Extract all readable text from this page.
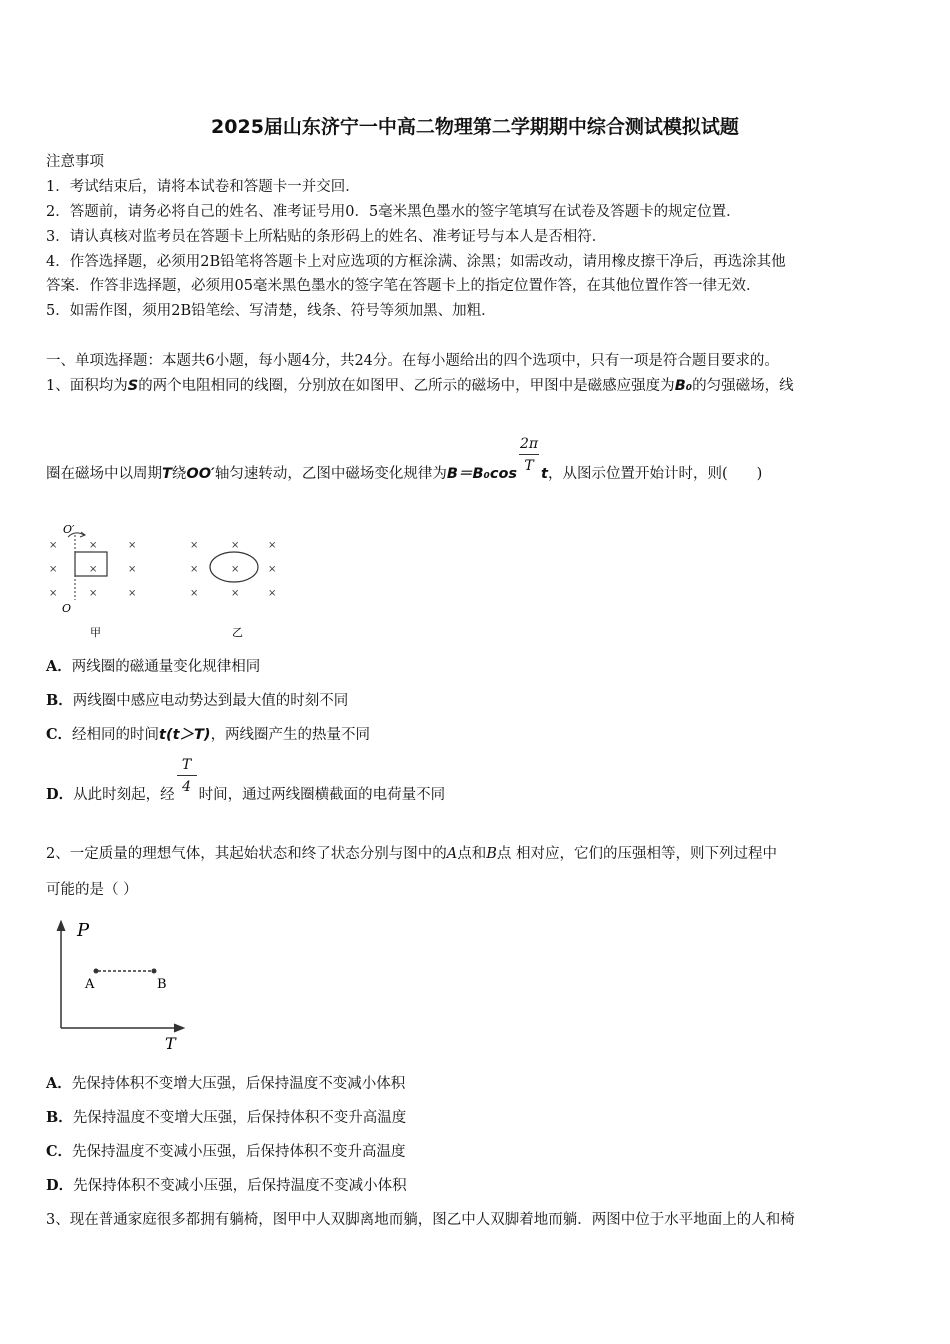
2025届山东济宁一中高二物理第二学期期中综合测试模拟试题
注意事项
1．考试结束后，请将本试卷和答题卡一并交回．
2．答题前，请务必将自己的姓名、准考证号用0．5毫米黑色墨水的签字笔填写在试卷及答题卡的规定位置．
3．请认真核对监考员在答题卡上所粘贴的条形码上的姓名、准考证号与本人是否相符．
4．作答选择题，必须用2B铅笔将答题卡上对应选项的方框涂满、涂黑；如需改动，请用橡皮擦干净后，再选涂其他
答案．作答非选择题，必须用05毫米黑色墨水的签字笔在答题卡上的指定位置作答，在其他位置作答一律无效．
5．如需作图，须用2B铅笔绘、写清楚，线条、符号等须加黑、加粗．
一、单项选择题：本题共6小题，每小题4分，共24分。在每小题给出的四个选项中，只有一项是符合题目要求的。
1、面积均为S的两个电阻相同的线圈，分别放在如图甲、乙所示的磁场中，甲图中是磁感应强度为B₀的匀强磁场，线
圈在磁场中以周期T绕OO′轴匀速转动，乙图中磁场变化规律为$B=B_0\cos \frac{2\pi}{T}$ t，从图示位置开始计时，则(　　)
×	×	×
×	×	×
×	×	×
×	×	×
×	×	×
×	×	×
O′
O
甲	乙
A．两线圈的磁通量变化规律相同
B．两线圈中感应电动势达到最大值的时刻不同
C．经相同的时间t(t＞T)，两线圈产生的热量不同
D．从此时刻起，经 $\frac{T}{4}$ 时间，通过两线圈横截面的电荷量不同
2、一定质量的理想气体，其起始状态和终了状态分别与图中的A点和B点 相对应，它们的压强相等，则下列过程中
可能的是（ ）
P
T
A	B
A．先保持体积不变增大压强，后保持温度不变减小体积
B．先保持温度不变增大压强，后保持体积不变升高温度
C．先保持温度不变减小压强，后保持体积不变升高温度
D．先保持体积不变减小压强，后保持温度不变减小体积
3、现在普通家庭很多都拥有躺椅，图甲中人双脚离地而躺，图乙中人双脚着地而躺．两图中位于水平地面上的人和椅
